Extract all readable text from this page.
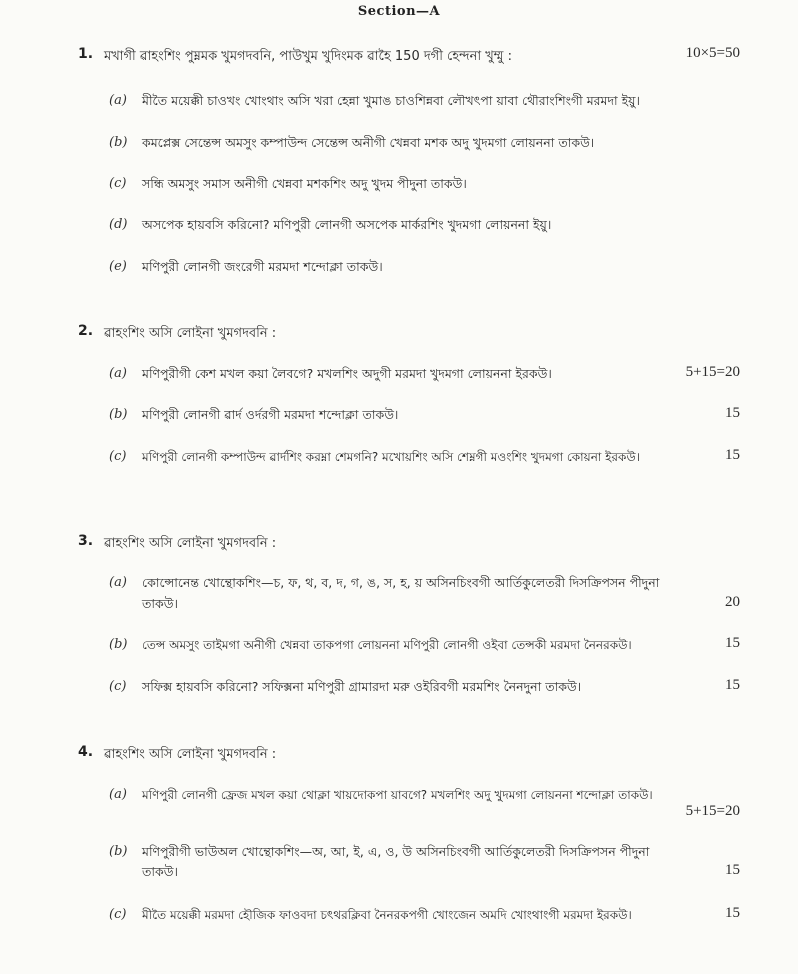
Section—A
1. মখাগী ৱাহংশিং পুম্নমক খুমগদবনি, পাউখুম খুদিংমক ৱাহৈ 150 দগী হেন্দনা খুম্মু :	10×5=50
(a) মীতৈ ময়েক্কী চাওখং খোংথাং অসি খরা হেন্না খুমাঙ চাওশিন্নবা লৌখৎপা য়াবা থৌরাংশিংগী মরমদা ইয়ু।
(b) কমপ্লেক্স সেন্তেন্স অমসুং কম্পাউন্দ সেন্তেন্স অনীগী খেন্নবা মশক অদু খুদমগা লোয়ননা তাকউ।
(c) সন্ধি অমসুং সমাস অনীগী খেন্নবা মশকশিং অদু খুদম পীদুনা তাকউ।
(d) অসপেক হায়বসি করিনো? মণিপুরী লোনগী অসপেক মার্করশিং খুদমগা লোয়ননা ইয়ু।
(e) মণিপুরী লোনগী জংরেগী মরমদা শন্দোক্লা তাকউ।
2. ৱাহংশিং অসি লোইনা খুমগদবনি :
(a) মণিপুরীগী কেশ মখল কয়া লৈবগে? মখলশিং অদুগী মরমদা খুদমগা লোয়ননা ইরকউ।	5+15=20
(b) মণিপুরী লোনগী ৱার্দ ওর্দরগী মরমদা শন্দোক্লা তাকউ।	15
(c) মণিপুরী লোনগী কম্পাউন্দ ৱার্দশিং করম্না শেমগনি? মখোয়শিং অসি শেম্নগী মওংশিং খুদমগা কোয়না ইরকউ।	15
3. ৱাহংশিং অসি লোইনা খুমগদবনি :
(a) কোন্সোনেন্ত খোন্থোকশিং—চ, ফ, থ, ব, দ, গ, ঙ, স, হ, য় অসিনচিংবগী আর্তিকুলেতরী দিসক্রিপসন পীদুনা
তাকউ।	20
(b) তেন্স অমসুং তাইমগা অনীগী খেন্নবা তাকপগা লোয়ননা মণিপুরী লোনগী ওইবা তেন্সকী মরমদা নৈনরকউ।	15
(c) সফিক্স হায়বসি করিনো? সফিক্সনা মণিপুরী গ্রামারদা মরু ওইরিবগী মরমশিং নৈনদুনা তাকউ।	15
4. ৱাহংশিং অসি লোইনা খুমগদবনি :
(a) মণিপুরী লোনগী ফ্রেজ মখল কয়া থোক্লা খায়দোকপা য়াবগে? মখলশিং অদু খুদমগা লোয়ননা শন্দোক্লা তাকউ।
5+15=20
(b) মণিপুরীগী ভাউঅল খোন্থোকশিং—অ, আ, ই, এ, ও, উ অসিনচিংবগী আর্তিকুলেতরী দিসক্রিপসন পীদুনা
তাকউ।	15
(c) মীতৈ ময়েক্কী মরমদা হৌজিক ফাওবদা চৎথরক্লিবা নৈনরকপগী খোংজেন অমদি খোংথাংগী মরমদা ইরকউ।	15
